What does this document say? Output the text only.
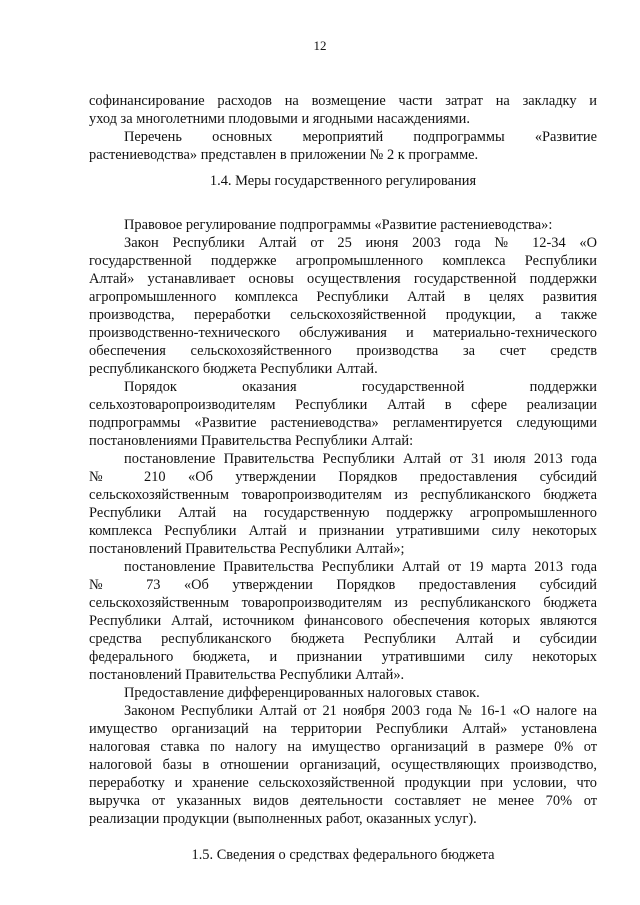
12
софинансирование расходов на возмещение части затрат на закладку и
уход за многолетними плодовыми и ягодными насаждениями.
Перечень основных мероприятий подпрограммы «Развитие
растениеводства» представлен в приложении № 2 к программе.
1.4. Меры государственного регулирования
Правовое регулирование подпрограммы «Развитие растениеводства»:
Закон Республики Алтай от 25 июня 2003 года № 12-34 «О
государственной поддержке агропромышленного комплекса Республики
Алтай» устанавливает основы осуществления государственной поддержки
агропромышленного комплекса Республики Алтай в целях развития
производства, переработки сельскохозяйственной продукции, а также
производственно-технического обслуживания и материально-технического
обеспечения сельскохозяйственного производства за счет средств
республиканского бюджета Республики Алтай.
Порядок оказания государственной поддержки
сельхозтоваропроизводителям Республики Алтай в сфере реализации
подпрограммы «Развитие растениеводства» регламентируется следующими
постановлениями Правительства Республики Алтай:
постановление Правительства Республики Алтай от 31 июля 2013 года
№ 210 «Об утверждении Порядков предоставления субсидий
сельскохозяйственным товаропроизводителям из республиканского бюджета
Республики Алтай на государственную поддержку агропромышленного
комплекса Республики Алтай и признании утратившими силу некоторых
постановлений Правительства Республики Алтай»;
постановление Правительства Республики Алтай от 19 марта 2013 года
№ 73 «Об утверждении Порядков предоставления субсидий
сельскохозяйственным товаропроизводителям из республиканского бюджета
Республики Алтай, источником финансового обеспечения которых являются
средства республиканского бюджета Республики Алтай и субсидии
федерального бюджета, и признании утратившими силу некоторых
постановлений Правительства Республики Алтай».
Предоставление дифференцированных налоговых ставок.
Законом Республики Алтай от 21 ноября 2003 года № 16-1 «О налоге на
имущество организаций на территории Республики Алтай» установлена
налоговая ставка по налогу на имущество организаций в размере 0% от
налоговой базы в отношении организаций, осуществляющих производство,
переработку и хранение сельскохозяйственной продукции при условии, что
выручка от указанных видов деятельности составляет не менее 70% от
реализации продукции (выполненных работ, оказанных услуг).
1.5. Сведения о средствах федерального бюджета
